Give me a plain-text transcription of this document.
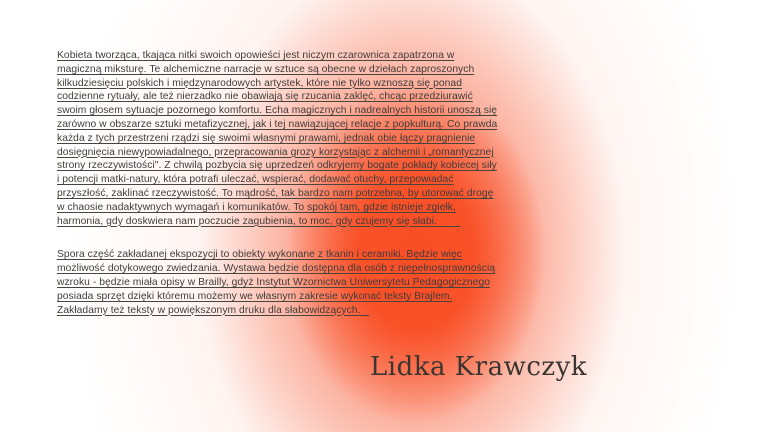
Kobieta tworząca, tkająca nitki swoich opowieści jest niczym czarownica zapatrzona w
magiczną miksturę. Te alchemiczne narracje w sztuce są obecne w dziełach zaproszonych
kilkudziesięciu polskich i międzynarodowych artystek, które nie tylko wznoszą się ponad
codzienne rytuały, ale też nierzadko nie obawiają się rzucania zaklęć, chcąc przedziurawić
swoim głosem sytuacje pozornego komfortu. Echa magicznych i nadrealnych historii unoszą się
zarówno w obszarze sztuki metafizycznej, jak i tej nawiązującej relacje z popkulturą. Co prawda
każda z tych przestrzeni rządzi się swoimi własnymi prawami, jednak obie łączy pragnienie
dosięgnięcia niewypowiadalnego, przepracowania grozy korzystając z alchemii i „romantycznej
strony rzeczywistości". Z chwilą pozbycia się uprzedzeń odkryjemy bogate pokłady kobiecej siły
i potencji matki-natury, która potrafi uleczać, wspierać, dodawać otuchy, przepowiadać
przyszłość, zaklinać rzeczywistość. To mądrość, tak bardzo nam potrzebna, by utorować drogę
w chaosie nadaktywnych wymagań i komunikatów. To spokój tam, gdzie istnieje zgiełk,
harmonia, gdy doskwiera nam poczucie zagubienia, to moc, gdy czujemy się słabi.

Spora część zakładanej ekspozycji to obiekty wykonane z tkanin i ceramiki. Będzie więc
możliwość dotykowego zwiedzania. Wystawa będzie dostępna dla osób z niepełnosprawnością
wzroku - będzie miała opisy w Brailly, gdyż Instytut Wzornictwa Uniwersytetu Pedagogicznego
posiada sprzęt dzięki któremu możemy we własnym zakresie wykonać teksty Brajlem.
Zakładamy też teksty w powiększonym druku dla słabowidzących.

Lidka Krawczyk
